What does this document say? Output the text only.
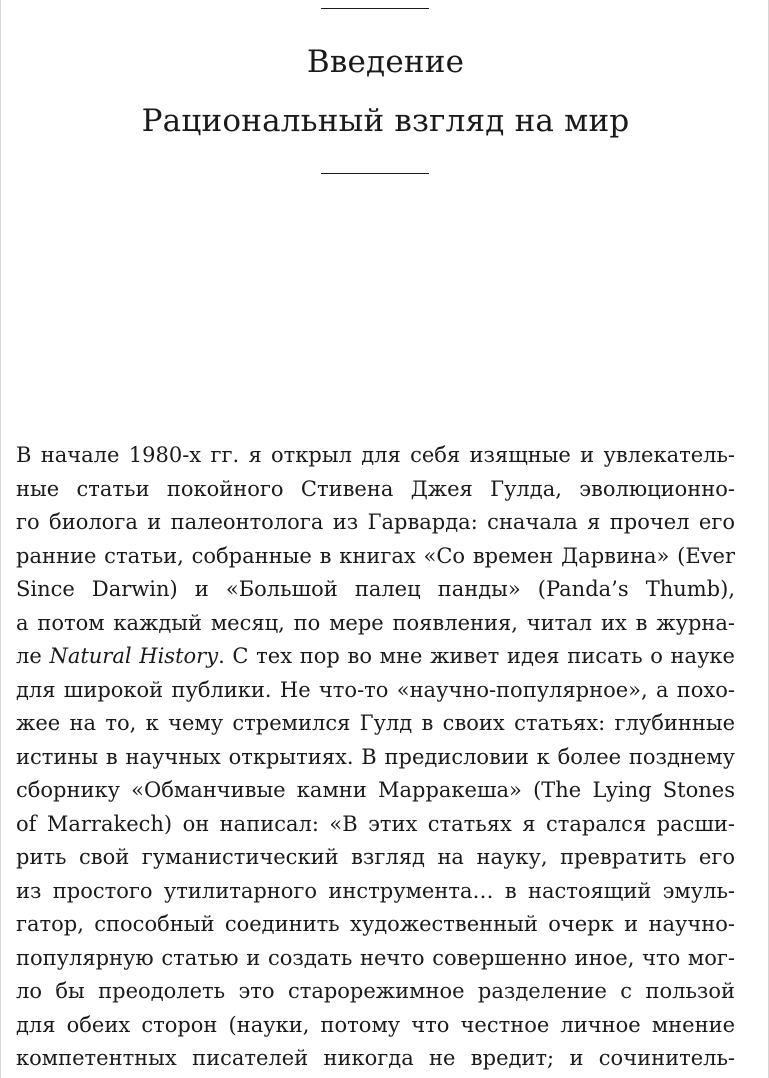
Введение
Рациональный взгляд на мир
В начале 1980-х гг. я открыл для себя изящные и увлекатель-
ные статьи покойного Стивена Джея Гулда, эволюционно-
го биолога и палеонтолога из Гарварда: сначала я прочел его
ранние статьи, собранные в книгах «Со времен Дарвина» (Ever
Since Darwin) и «Большой палец панды» (Panda’s Thumb),
а потом каждый месяц, по мере появления, читал их в журна-
ле Natural History. С тех пор во мне живет идея писать о науке
для широкой публики. Не что-то «научно-популярное», а похо-
жее на то, к чему стремился Гулд в своих статьях: глубинные
истины в научных открытиях. В предисловии к более позднему
сборнику «Обманчивые камни Марракеша» (The Lying Stones
of Marrakech) он написал: «В этих статьях я старался расши-
рить свой гуманистический взгляд на науку, превратить его
из простого утилитарного инструмента… в настоящий эмуль-
гатор, способный соединить художественный очерк и научно-
популярную статью и создать нечто совершенно иное, что мог-
ло бы преодолеть это старорежимное разделение с пользой
для обеих сторон (науки, потому что честное личное мнение
компетентных писателей никогда не вредит; и сочинитель-
